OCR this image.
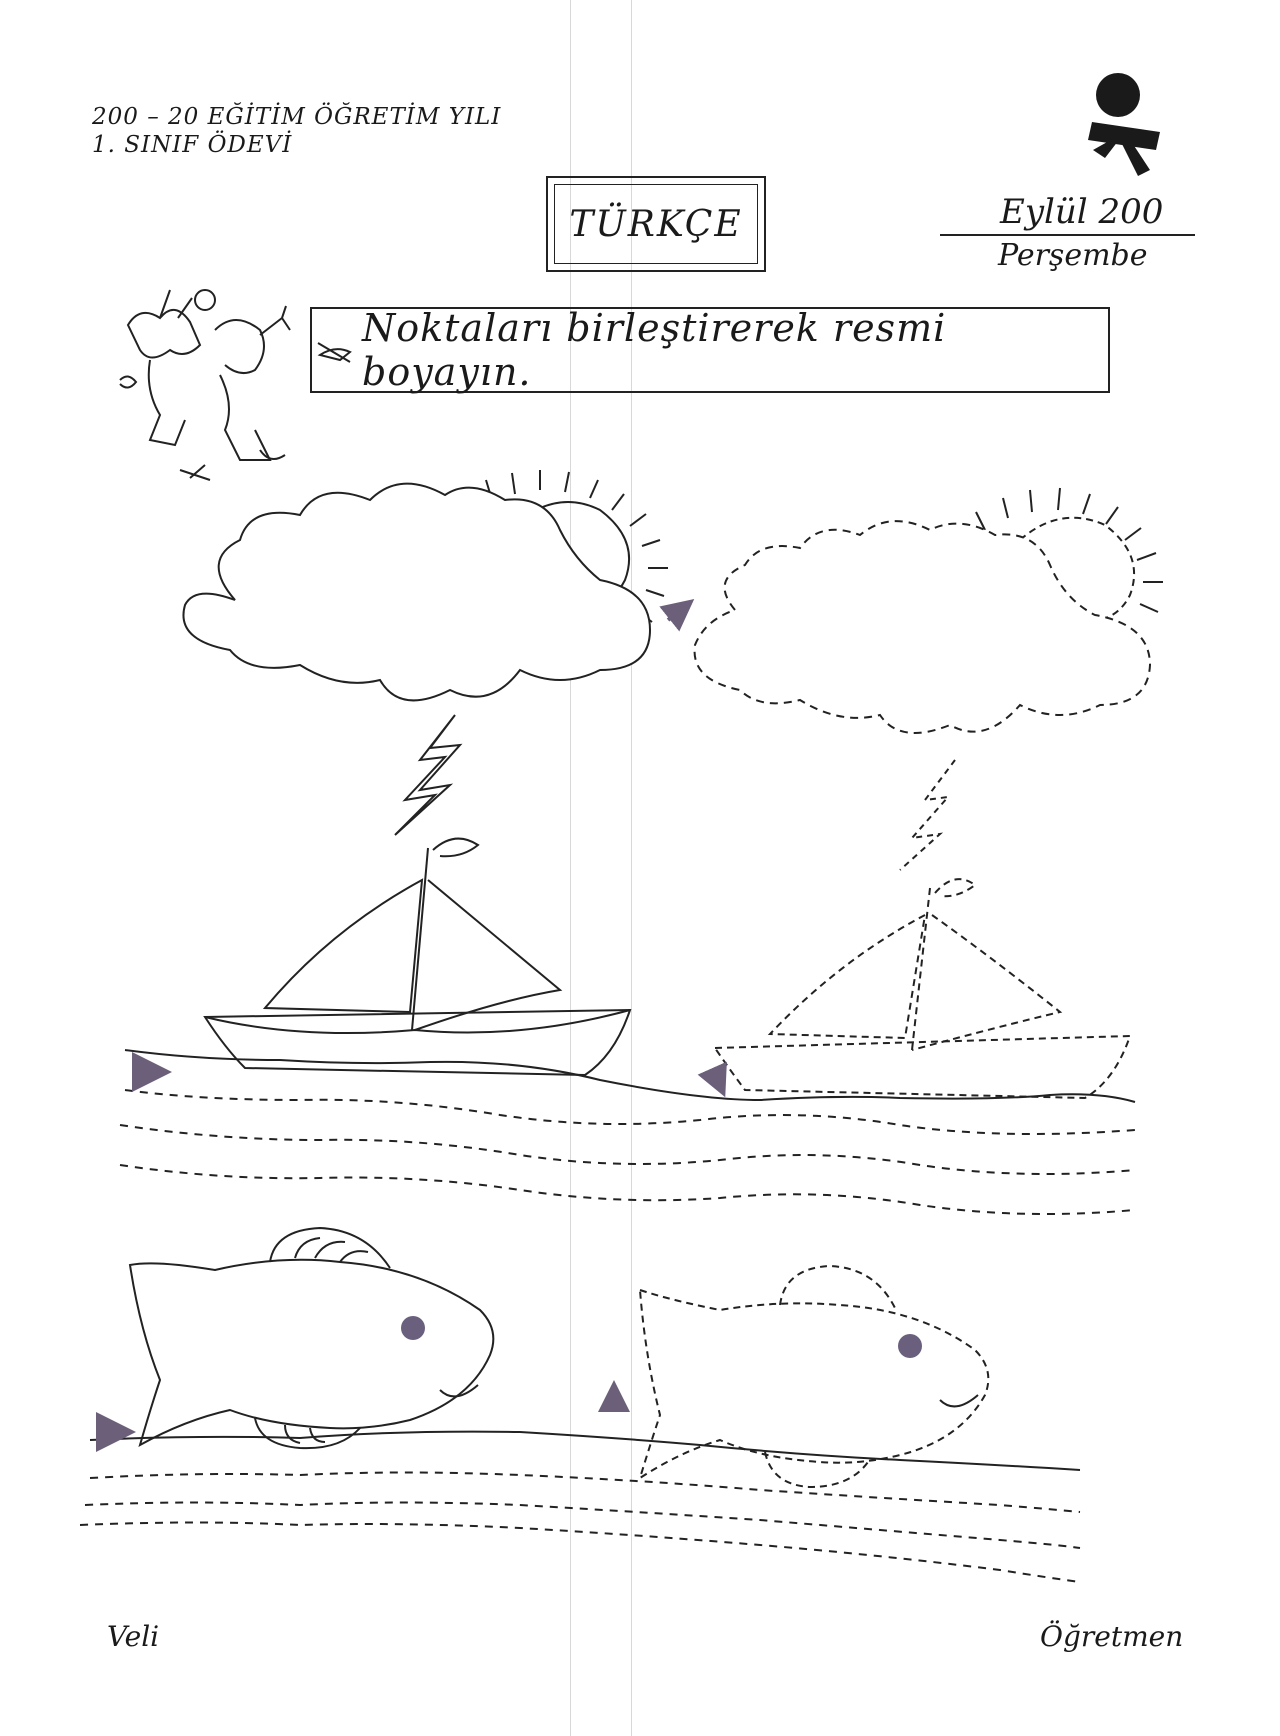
200 – 20 EĞİTİM ÖĞRETİM YILI
1. SINIF ÖDEVİ
TÜRKÇE	Eylül 200
Perşembe
Noktaları birleştirerek resmi boyayın.
Veli	Öğretmen
